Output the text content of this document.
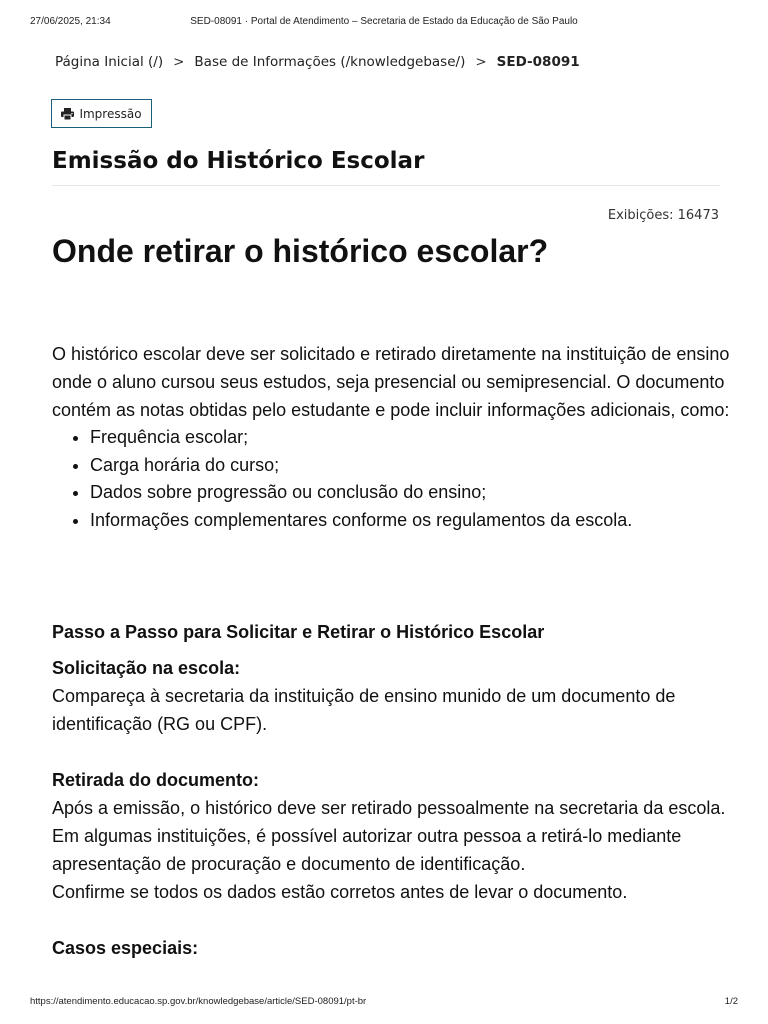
27/06/2025, 21:34	SED-08091 · Portal de Atendimento – Secretaria de Estado da Educação de São Paulo
Página Inicial (/) > Base de Informações (/knowledgebase/) > SED-08091
Impressão
Emissão do Histórico Escolar
Exibições: 16473
Onde retirar o histórico escolar?

O histórico escolar deve ser solicitado e retirado diretamente na instituição de ensino onde o aluno cursou seus estudos, seja presencial ou semipresencial. O documento contém as notas obtidas pelo estudante e pode incluir informações adicionais, como:

• Frequência escolar;
• Carga horária do curso;
• Dados sobre progressão ou conclusão do ensino;
• Informações complementares conforme os regulamentos da escola.

Passo a Passo para Solicitar e Retirar o Histórico Escolar

Solicitação na escola:

Compareça à secretaria da instituição de ensino munido de um documento de identificação (RG ou CPF).

Retirada do documento:

Após a emissão, o histórico deve ser retirado pessoalmente na secretaria da escola. Em algumas instituições, é possível autorizar outra pessoa a retirá-lo mediante apresentação de procuração e documento de identificação.

Confirme se todos os dados estão corretos antes de levar o documento.

Casos especiais:

https://atendimento.educacao.sp.gov.br/knowledgebase/article/SED-08091/pt-br	1/2
